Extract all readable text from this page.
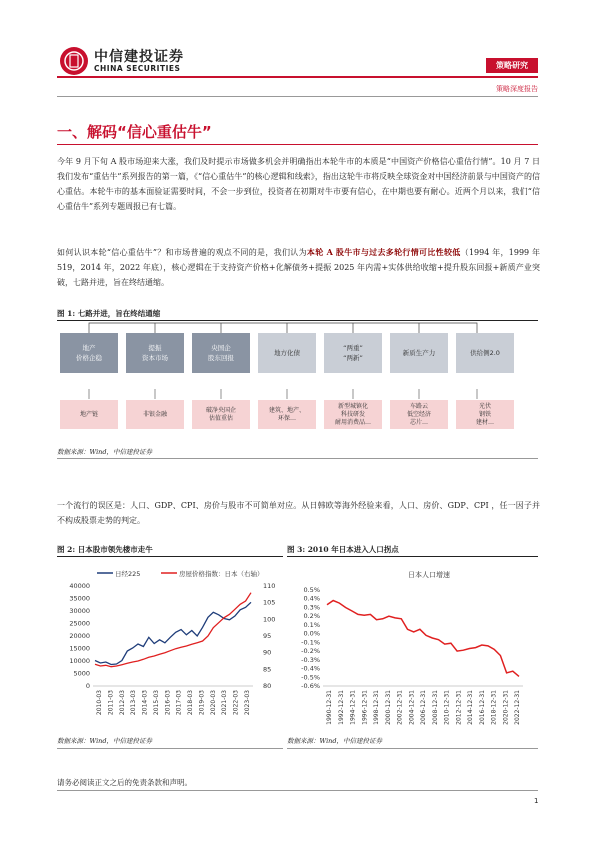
中信建投证券
CHINA SECURITIES	策略研究
策略深度报告
一、解码“信心重估牛”
今年 9 月下旬 A 股市场迎来大涨，我们及时提示市场做多机会并明确指出本轮牛市的本质是“中国资产价格信心重估行情”。10 月 7 日我们发布“重估牛”系列报告的第一篇，《“信心重估牛”的核心逻辑和线索》，指出这轮牛市将反映全球资金对中国经济前景与中国资产的信心重估。本轮牛市的基本面验证需要时间，不会一步到位，投资者在初期对牛市要有信心，在中期也要有耐心。近两个月以来，我们“信心重估牛”系列专题周报已有七篇。
如何认识本轮“信心重估牛”？和市场普遍的观点不同的是，我们认为本轮 A 股牛市与过去多轮行情可比性较低（1994 年，1999 年 519，2014 年，2022 年底），核心逻辑在于支持资产价格+化解债务+提振 2025 年内需+实体供给收缩+提升股东回报+新质产业突破，七路并进，旨在终结通缩。
图 1: 七路并进，旨在终结通缩
数据来源：Wind，中信建投证券
一个流行的误区是：人口、GDP、CPI、房价与股市不可简单对应。从日韩欧等海外经验来看，人口、房价、GDP、CPI ，任一因子并不构成股票走势的判定。
图 2: 日本股市领先楼市走牛
日经225	房屋价格指数：日本（右轴）
40000
35000
30000
25000
20000
15000
10000
5000
0
110
105
100
95
90
85
80
2010-03 2011-03 2012-03 2013-03 2014-03 2015-03 2016-03 2017-03 2018-03 2019-03 2020-03 2021-03 2022-03 2023-03
数据来源：Wind，中信建投证券
图 3: 2010 年日本进入人口拐点
日本人口增速
0.5%
0.4%
0.3%
0.2%
0.1%
0.0%
-0.1%
-0.2%
-0.3%
-0.4%
-0.5%
-0.6%
1990-12-31 1992-12-31 1994-12-31 1996-12-31 1998-12-31 2000-12-31 2002-12-31 2004-12-31 2006-12-31 2008-12-31 2010-12-31 2012-12-31 2014-12-31 2016-12-31 2018-12-31 2020-12-31 2022-12-31
数据来源：Wind，中信建投证券
请务必阅读正文之后的免责条款和声明。
1
地产
价格企稳
提振
资本市场
央国企
股东回报
地方化债
“两重”
“两新”
新质生产力	供给侧2.0
地产链	非银金融
破净央国企
估值重估
建筑、地产、
环保…
新型城镇化
科技研发
耐用消费品…
车路云
低空经济
芯片…
光伏
钢铁
建材…
